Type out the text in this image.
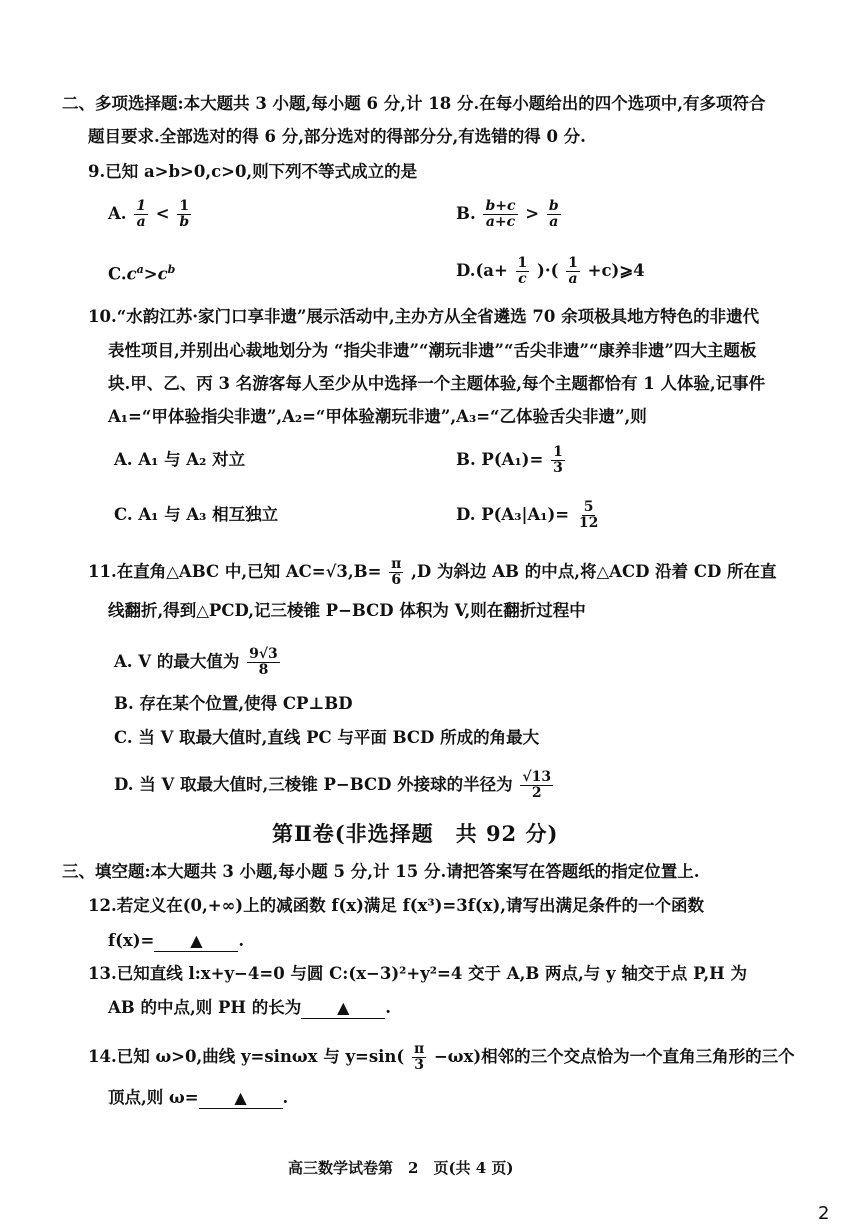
二、多项选择题:本大题共 3 小题,每小题 6 分,计 18 分.在每小题给出的四个选项中,有多项符合
题目要求.全部选对的得 6 分,部分选对的得部分分,有选错的得 0 分.
9.已知 a>b>0,c>0,则下列不等式成立的是
A. $\frac{1}{a} < \frac{1}{b}$	B. $\frac{b+c}{a+c} > \frac{b}{a}$
$C.c^a>c^b$	$D.(a+ \frac{1}{c}$ )·( $\frac{1}{a}$ +c)⩾4
10.“水韵江苏·家门口享非遗”展示活动中,主办方从全省遴选 70 余项极具地方特色的非遗代
表性项目,并别出心裁地划分为 “指尖非遗”“潮玩非遗”“舌尖非遗”“康养非遗”四大主题板
块.甲、乙、丙 3 名游客每人至少从中选择一个主题体验,每个主题都恰有 1 人体验,记事件
A₁=“甲体验指尖非遗”,A₂=“甲体验潮玩非遗”,A₃=“乙体验舌尖非遗”,则
A. A₁ 与 A₂ 对立	B. $P(A_1)= \frac{1}{3}$
C. A₁ 与 A₃ 相互独立	D. $P(A_3|A_1)= \frac{5}{12}$
11.在直角△ABC 中,已知 $AC=√3,B= \frac{\pi}{6} ,D$ 为斜边 AB 的中点,将△ACD 沿着 CD 所在直
线翻折,得到△PCD,记三棱锥 P−BCD 体积为 V,则在翻折过程中
A. V 的最大值为 $\frac{9√3}{8}$
B. 存在某个位置,使得 CP⊥BD
C. 当 V 取最大值时,直线 PC 与平面 BCD 所成的角最大
D. 当 V 取最大值时,三棱锥 P−BCD 外接球的半径为 $\frac{√13}{2}$
第Ⅱ卷(非选择题　共 92 分)
三、填空题:本大题共 3 小题,每小题 5 分,计 15 分.请把答案写在答题纸的指定位置上.
12.若定义在(0,+∞)上的减函数 f(x)满足 f(x³)=3f(x),请写出满足条件的一个函数
f(x)= ▲ .
13.已知直线 l:x+y−4=0 与圆 C:(x−3)²+y²=4 交于 A,B 两点,与 y 轴交于点 P,H 为
AB 的中点,则 PH 的长为 ▲ .
14.已知 ω>0,曲线 y=sinωx 与 $y=\sin( \frac{\pi}{3} -\omega x)$相邻的三个交点恰为一个直角三角形的三个
顶点,则 ω= ▲ .
高三数学试卷第　2　页(共 4 页)
2
